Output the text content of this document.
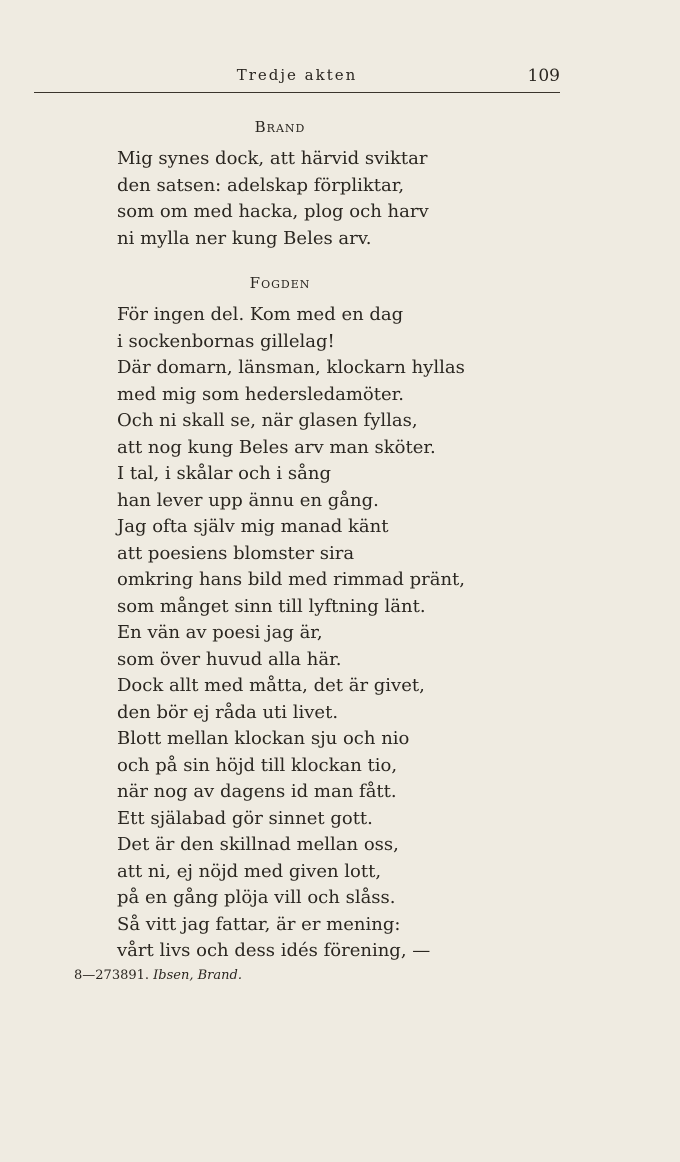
Tredje akten	109
Brand
Mig synes dock, att härvid sviktar
den satsen: adelskap förpliktar,
som om med hacka, plog och harv
ni mylla ner kung Beles arv.
Fogden
För ingen del. Kom med en dag
i sockenbornas gillelag!
Där domarn, länsman, klockarn hyllas
med mig som hedersledamöter.
Och ni skall se, när glasen fyllas,
att nog kung Beles arv man sköter.
I tal, i skålar och i sång
han lever upp ännu en gång.
Jag ofta själv mig manad känt
att poesiens blomster sira
omkring hans bild med rimmad pränt,
som månget sinn till lyftning länt.
En vän av poesi jag är,
som över huvud alla här.
Dock allt med måtta, det är givet,
den bör ej råda uti livet.
Blott mellan klockan sju och nio
och på sin höjd till klockan tio,
när nog av dagens id man fått.
Ett själabad gör sinnet gott.
Det är den skillnad mellan oss,
att ni, ej nöjd med given lott,
på en gång plöja vill och slåss.
Så vitt jag fattar, är er mening:
vårt livs och dess idés förening, —
8—273891. Ibsen, Brand.
